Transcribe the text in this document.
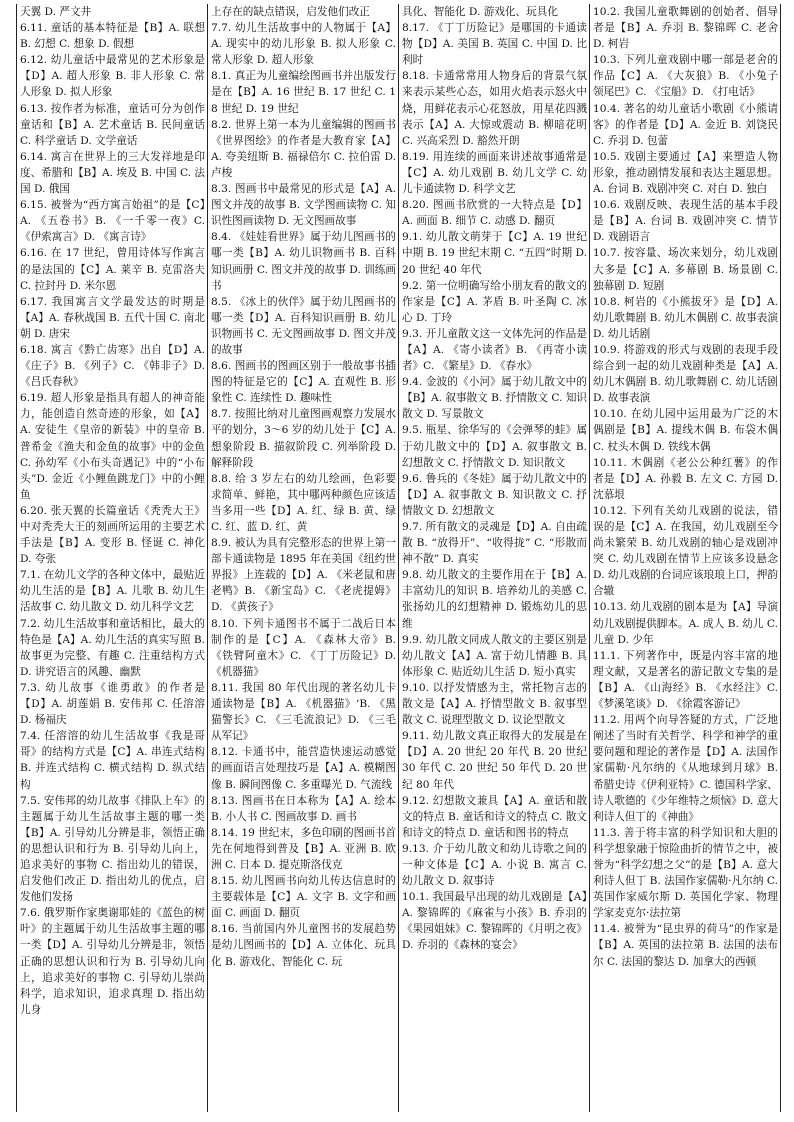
天翼 D. 严文井

6.11. 童话的基本特征是【B】A. 联想 B. 幻想 C. 想象 D. 假想

6.12. 幼儿童话中最常见的艺术形象是【D】A. 超人形象 B. 非人形象 C. 常人形象 D. 拟人形象

6.13. 按作者为标准，童话可分为创作童话和【B】A. 艺术童话 B. 民间童话 C. 科学童话 D. 文学童话

6.14. 寓言在世界上的三大发祥地是印度、希腊和【B】A. 埃及 B. 中国 C. 法国 D. 俄国

6.15. 被誉为“西方寓言始祖”的是【C】A. 《五卷书》B. 《一千零一夜》C. 《伊索寓言》D. 《寓言诗》

6.16. 在 17 世纪，曾用诗体写作寓言的是法国的【C】A. 莱辛 B. 克雷洛夫 C. 拉封丹 D. 米尔恩

6.17. 我国寓言文学最发达的时期是【A】A. 春秋战国 B. 五代十国 C. 南北朝 D. 唐宋

6.18. 寓言《黔亡齿寒》出自【D】A. 《庄子》B. 《列子》C. 《韩非子》D. 《吕氏春秋》

6.19. 超人形象是指具有超人的神奇能力，能创造自然奇迹的形象，如【A】A. 安徒生《皇帝的新装》中的皇帝 B. 普希金《渔夫和金鱼的故事》中的金鱼 C. 孙幼军《小布头奇遇记》中的“小布头”D. 金近《小鲤鱼跳龙门》中的小鲤鱼

6.20. 张天翼的长篇童话《秃秃大王》中对秃秃大王的刻画所运用的主要艺术手法是【B】A. 变形 B. 怪诞 C. 神化 D. 夸张

7.1. 在幼儿文学的各种文体中，最贴近幼儿生活的是【B】A. 儿歌 B. 幼儿生活故事 C. 幼儿散文 D. 幼儿科学文艺

7.2. 幼儿生活故事和童话相比，最大的特色是【A】A. 幼儿生活的真实写照 B. 故事更为完整、有趣 C. 注重结构方式 D. 讲究语言的风趣、幽默

7.3. 幼儿故事《谁勇敢》的作者是【D】A. 胡莲娟 B. 安伟邦 C. 任溶溶 D. 杨福庆

7.4. 任溶溶的幼儿生活故事《我是哥哥》的结构方式是【C】A. 串连式结构 B. 并连式结构 C. 横式结构 D. 纵式结构

7.5. 安伟邦的幼儿故事《排队上车》的主题属于幼儿生活故事主题的哪一类【B】A. 引导幼儿分辨是非，领悟正确的思想认识和行为 B. 引导幼儿向上，追求美好的事物 C. 指出幼儿的错误，启发他们改正 D. 指出幼儿的优点，启发他们发扬

7.6. 俄罗斯作家奥谢耶娃的《蓝色的树叶》的主题属于幼儿生活故事主题的哪一类【D】A. 引导幼儿分辨是非，领悟正确的思想认识和行为 B. 引导幼儿向上，追求美好的事物 C. 引导幼儿崇尚科学，追求知识，追求真理 D. 指出幼儿身

上存在的缺点错误，启发他们改正

7.7. 幼儿生活故事中的人物属于【A】A. 现实中的幼儿形象 B. 拟人形象 C. 常人形象 D. 超人形象

8.1. 真正为儿童编绘图画书并出版发行是在【B】A. 16 世纪 B. 17 世纪 C. 18 世纪 D. 19 世纪

8.2. 世界上第一本为儿童编辑的图画书《世界图绘》的作者是大教育家【A】A. 夸美纽斯 B. 福禄倍尔 C. 拉伯雷 D. 卢梭

8.3. 图画书中最常见的形式是【A】A. 图文并茂的故事 B. 文学图画读物 C. 知识性图画读物 D. 无文图画故事

8.4. 《娃娃看世界》属于幼儿图画书的哪一类【B】A. 幼儿识物画书 B. 百科知识画册 C. 图文并茂的故事 D. 训练画书

8.5. 《冰上的伙伴》属于幼儿图画书的哪一类【D】A. 百科知识画册 B. 幼儿识物画书 C. 无文图画故事 D. 图文并茂的故事

8.6. 图画书的图画区别于一般故事书插图的特征是它的【C】A. 直观性 B. 形象性 C. 连续性 D. 趣味性

8.7. 按照比纳对儿童图画观察力发展水平的划分，3～6 岁的幼儿处于【C】A. 想象阶段 B. 描叙阶段 C. 列举阶段 D. 解释阶段

8.8. 给 3 岁左右的幼儿绘画，色彩要求简单、鲜艳，其中哪两种颜色应该适当多用一些【D】A. 红、绿 B. 黄、绿 C. 红、蓝 D. 红、黄

8.9. 被认为具有完整形态的世界上第一部卡通读物是 1895 年在美国《纽约世界报》上连载的【D】A. 《米老鼠和唐老鸭》B. 《新宝岛》C. 《老虎提姆》D. 《黄孩子》

8.10. 下列卡通图书不属于二战后日本制作的是【C】A. 《森林大帝》B. 《铁臂阿童木》C. 《丁丁历险记》D. 《机器猫》

8.11. 我国 80 年代出现的著名幼儿卡通读物是【B】A. 《机器猫》‘B. 《黑猫警长》C. 《三毛流浪记》D. 《三毛从军记》

8.12. 卡通书中，能营造快速运动感觉的画面语言处理技巧是【A】A. 模糊图像 B. 瞬间图像 C. 多重曝光 D. 气流线

8.13. 图画书在日本称为【A】A. 绘本 B. 小人书 C. 图画故事 D. 画书

8.14. 19 世纪末，多色印刷的图画书首先在何地得到普及【B】A. 亚洲 B. 欧洲 C. 日本 D. 提克斯洛伐克

8.15. 幼儿图画书向幼儿传达信息时的主要载体是【C】A. 文字 B. 文字和画面 C. 画面 D. 翻页

8.16. 当前国内外儿童图书的发展趋势是幼儿图画书的【D】A. 立体化、玩具化 B. 游戏化、智能化 C. 玩

具化、智能化 D. 游戏化、玩具化

8.17. 《丁丁历险记》是哪国的卡通读物【D】A. 美国 B. 英国 C. 中国 D. 比利时

8.18. 卡通常常用人物身后的背景气氛来表示某些心态，如用火焰表示怒火中烧，用鲜花表示心花怒放，用星花四溅表示【A】A. 大惊或震动 B. 柳暗花明 C. 兴高采烈 D. 豁然开朗

8.19. 用连续的画面来讲述故事通常是【C】A. 幼儿戏剧 B. 幼儿文学 C. 幼儿卡通读物 D. 科学文艺

8.20. 图画书欣赏的一大特点是【D】A. 画面 B. 细节 C. 动感 D. 翻页

9.1. 幼儿散文萌芽于【C】A. 19 世纪中期 B. 19 世纪末期 C. “五四”时期 D. 20 世纪 40 年代

9.2. 第一位明确写给小朋友看的散文的作家是【C】A. 茅盾 B. 叶圣陶 C. 冰心 D. 丁玲

9.3. 开儿童散文这一文体先河的作品是【A】A. 《寄小读者》B. 《再寄小读者》C. 《繁星》D. 《春水》

9.4. 金波的《小河》属于幼儿散文中的【B】A. 叙事散文 B. 抒情散文 C. 知识散文 D. 写景散文

9.5. 瓶星、徐华写的《会弹琴的蛙》属于幼儿散文中的【D】A. 叙事散文 B. 幻想散文 C. 抒情散文 D. 知识散文

9.6. 鲁兵的《冬娃》属于幼儿散文中的【D】A. 叙事散文 B. 知识散文 C. 抒情散文 D. 幻想散文

9.7. 所有散文的灵魂是【D】A. 自由疏散 B. “放得开”、“收得拢” C. “形散而神不散” D. 真实

9.8. 幼儿散文的主要作用在于【B】A. 丰富幼儿的知识 B. 培养幼儿的美感 C. 张扬幼儿的幻想精神 D. 锻炼幼儿的思维

9.9. 幼儿散文同成人散文的主要区别是幼儿散文【A】A. 富于幼儿情趣 B. 具体形象 C. 贴近幼儿生活 D. 短小真实

9.10. 以抒发情感为主，常托物言志的散文是【A】A. 抒情型散文 B. 叙事型散文 C. 说理型散文 D. 议论型散文

9.11. 幼儿散文真正取得大的发展是在【D】A. 20 世纪 20 年代 B. 20 世纪 30 年代 C. 20 世纪 50 年代 D. 20 世纪 80 年代

9.12. 幻想散文兼具【A】A. 童话和散文的特点 B. 童话和诗文的特点 C. 散文和诗文的特点 D. 童话和图书的特点

9.13. 介于幼儿散文和幼儿诗歌之间的一种文体是【C】A. 小说 B. 寓言 C. 幼儿散文 D. 叙事诗

10.1. 我国最早出现的幼儿戏剧是【A】A. 黎锦晖的《麻雀与小孩》B. 乔羽的《果园姐妹》C. 黎锦晖的《月明之夜》D. 乔羽的《森林的宴会》

10.2. 我国儿童歌舞剧的创始者、倡导者是【B】A. 乔羽 B. 黎锦晖 C. 老舍 D. 柯岩

10.3. 下列儿童戏剧中哪一部是老舍的作品【C】A. 《大灰狼》B. 《小兔子领尾巴》C. 《宝船》D. 《打电话》

10.4. 著名的幼儿童话小歌剧《小熊请客》的作者是【D】A. 金近 B. 刘饶民 C. 乔羽 D. 包蕾

10.5. 戏剧主要通过【A】来塑造人物形象，推动剧情发展和表达主题思想。A. 台词 B. 戏剧冲突 C. 对白 D. 独白

10.6. 戏剧反映、表现生活的基本手段是【B】A. 台词 B. 戏剧冲突 C. 情节 D. 戏剧语言

10.7. 按容量、场次来划分，幼儿戏剧大多是【C】A. 多幕剧 B. 场景剧 C. 独幕剧 D. 短剧

10.8. 柯岩的《小熊拔牙》是【D】A. 幼儿歌舞剧 B. 幼儿木偶剧 C. 故事表演 D. 幼儿话剧

10.9. 将游戏的形式与戏剧的表现手段综合到一起的幼儿戏剧种类是【A】A. 幼儿木偶剧 B. 幼儿歌舞剧 C. 幼儿话剧 D. 故事表演

10.10. 在幼儿园中运用最为广泛的木偶剧是【B】A. 提线木偶 B. 布袋木偶 C. 杖头木偶 D. 铁线木偶

10.11. 木偶剧《老公公种红薯》的作者是【D】A. 孙毅 B. 左文 C. 方园 D. 沈慕垠

10.12. 下列有关幼儿戏剧的说法，错误的是【C】A. 在我国，幼儿戏剧至今尚未繁荣 B. 幼儿戏剧的轴心是戏剧冲突 C. 幼儿戏剧在情节上应该多设悬念 D. 幼儿戏剧的台词应该琅琅上口，押韵合辙

10.13. 幼儿戏剧的剧本是为【A】导演幼儿戏剧提供脚本。A. 成人 B. 幼儿 C. 儿童 D. 少年

11.1. 下列著作中，既是内容丰富的地理文献，又是著名的游记散文专集的是【B】A. 《山海经》B. 《水经注》C. 《梦溪笔谈》D. 《徐霞客游记》

11.2. 用两个向导答疑的方式，广泛地阐述了当时有关哲学、科学和神学的重要问题和理论的著作是【D】A. 法国作家儒勒·凡尔纳的《从地球到月球》B. 希腊史诗《伊利亚特》C. 德国科学家、诗人歌德的《少年维特之烦恼》D. 意大利诗人但丁的《神曲》

11.3. 善于将丰富的科学知识和大胆的科学想象融于惊险曲折的情节之中，被誉为“科学幻想之父”的是【B】A. 意大利诗人但丁 B. 法国作家儒勒·凡尔纳 C. 英国作家威尔斯 D. 英国化学家、物理学家麦克尔·法拉第

11.4. 被誉为“昆虫界的荷马”的作家是【B】A. 英国的法拉第 B. 法国的法布尔 C. 法国的黎达 D. 加拿大的西顿
